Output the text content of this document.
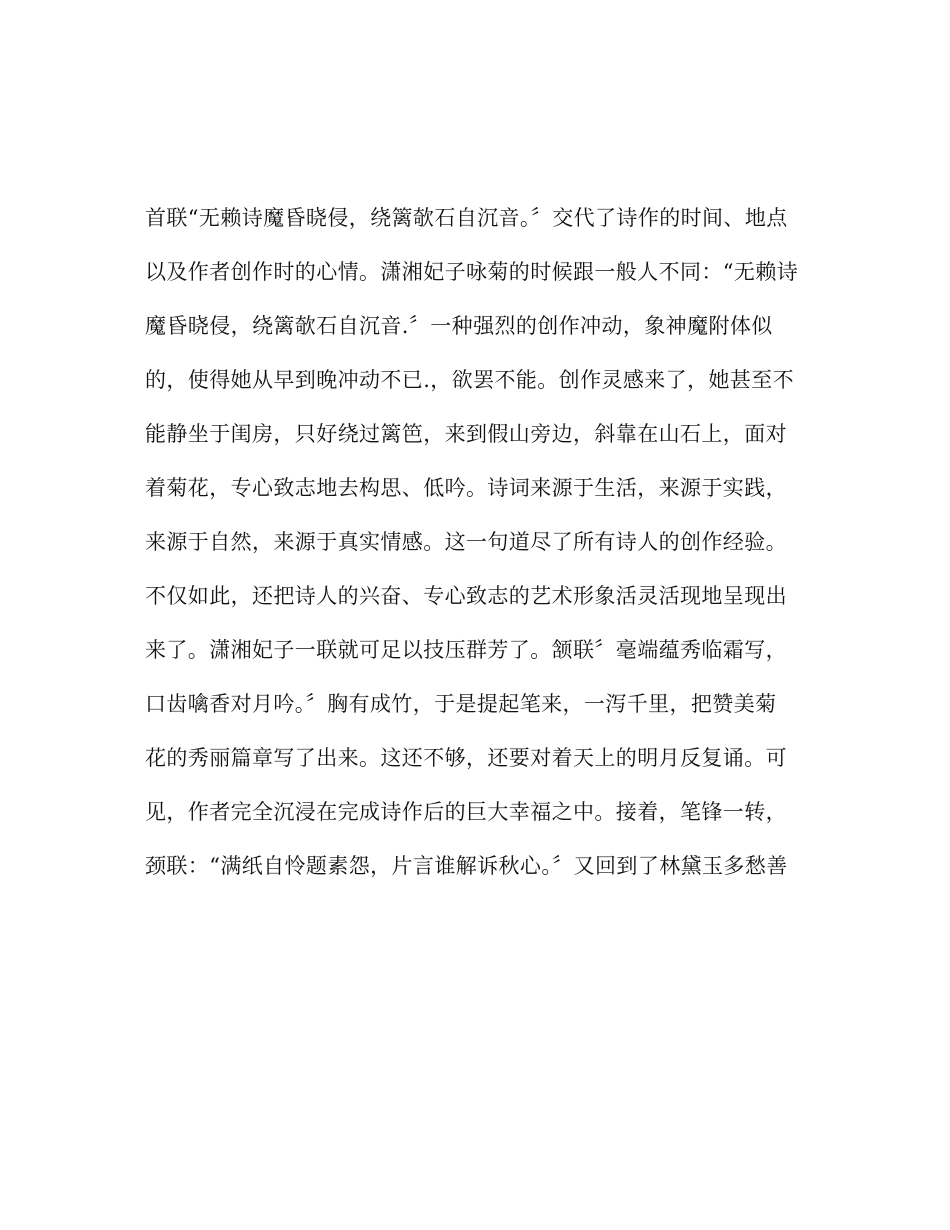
首联“无赖诗魔昏晓侵，绕篱欹石自沉音。〞交代了诗作的时间、地点
以及作者创作时的心情。潇湘妃子咏菊的时候跟一般人不同：“无赖诗
魔昏晓侵，绕篱欹石自沉音.〞一种强烈的创作冲动，象神魔附体似
的，使得她从早到晚冲动不已.，欲罢不能。创作灵感来了，她甚至不
能静坐于闺房，只好绕过篱笆，来到假山旁边，斜靠在山石上，面对
着菊花，专心致志地去构思、低吟。诗词来源于生活，来源于实践，
来源于自然，来源于真实情感。这一句道尽了所有诗人的创作经验。
不仅如此，还把诗人的兴奋、专心致志的艺术形象活灵活现地呈现出
来了。潇湘妃子一联就可足以技压群芳了。颔联〞毫端蕴秀临霜写，
口齿噙香对月吟。〞胸有成竹，于是提起笔来，一泻千里，把赞美菊
花的秀丽篇章写了出来。这还不够，还要对着天上的明月反复诵。可
见，作者完全沉浸在完成诗作后的巨大幸福之中。接着，笔锋一转，
颈联：“满纸自怜题素怨，片言谁解诉秋心。〞又回到了林黛玉多愁善
